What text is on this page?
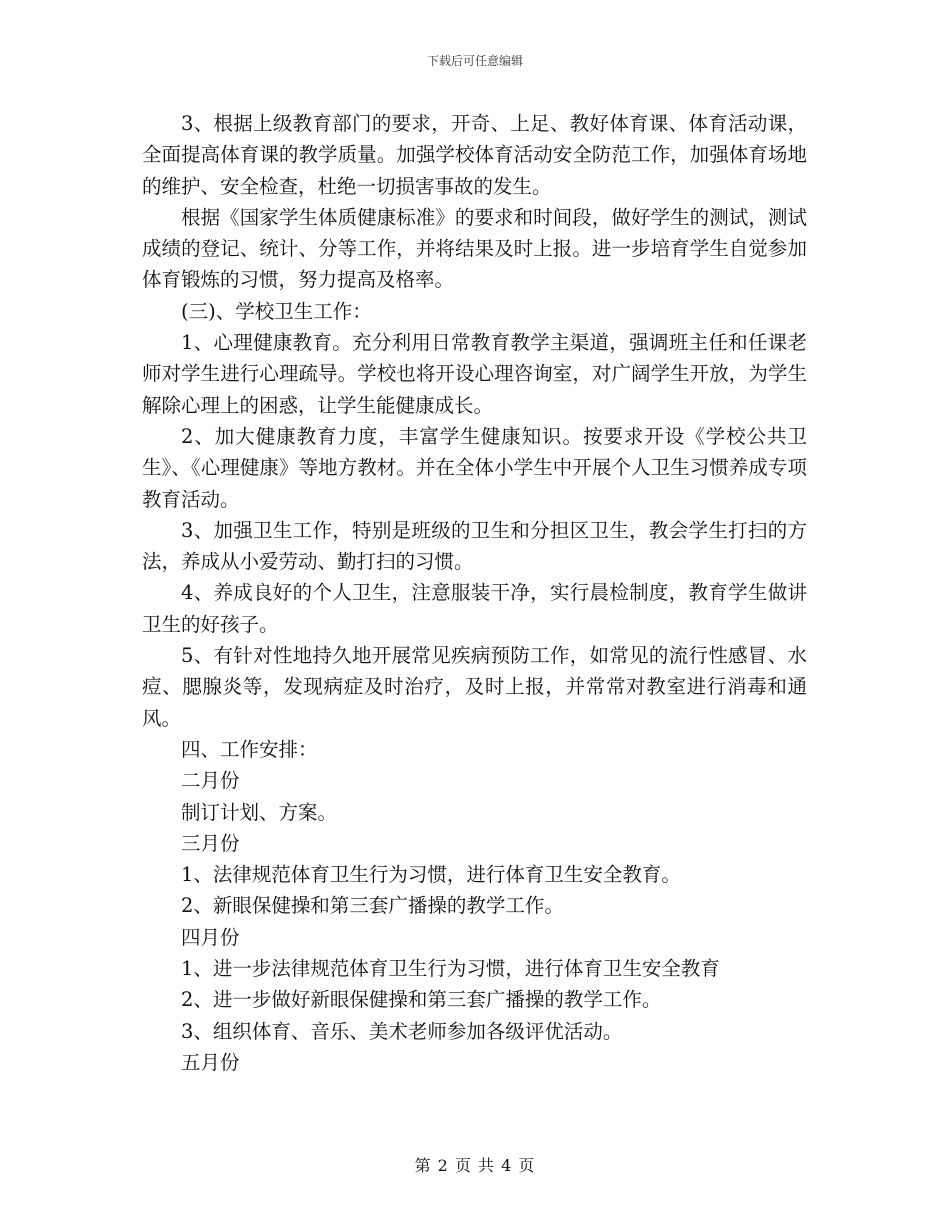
下载后可任意编辑

3、根据上级教育部门的要求，开奇、上足、教好体育课、体育活动课，全面提高体育课的教学质量。加强学校体育活动安全防范工作，加强体育场地的维护、安全检查，杜绝一切损害事故的发生。

根据《国家学生体质健康标准》的要求和时间段，做好学生的测试，测试成绩的登记、统计、分等工作，并将结果及时上报。进一步培育学生自觉参加体育锻炼的习惯，努力提高及格率。

(三)、学校卫生工作：

1、心理健康教育。充分利用日常教育教学主渠道，强调班主任和任课老师对学生进行心理疏导。学校也将开设心理咨询室，对广阔学生开放，为学生解除心理上的困惑，让学生能健康成长。

2、加大健康教育力度，丰富学生健康知识。按要求开设《学校公共卫生》、《心理健康》等地方教材。并在全体小学生中开展个人卫生习惯养成专项教育活动。

3、加强卫生工作，特别是班级的卫生和分担区卫生，教会学生打扫的方法，养成从小爱劳动、勤打扫的习惯。

4、养成良好的个人卫生，注意服装干净，实行晨检制度，教育学生做讲卫生的好孩子。

5、有针对性地持久地开展常见疾病预防工作，如常见的流行性感冒、水痘、腮腺炎等，发现病症及时治疗，及时上报，并常常对教室进行消毒和通风。

四、工作安排：

二月份

制订计划、方案。

三月份

1、法律规范体育卫生行为习惯，进行体育卫生安全教育。

2、新眼保健操和第三套广播操的教学工作。

四月份

1、进一步法律规范体育卫生行为习惯，进行体育卫生安全教育

2、进一步做好新眼保健操和第三套广播操的教学工作。

3、组织体育、音乐、美术老师参加各级评优活动。

五月份

第 2 页 共 4 页
